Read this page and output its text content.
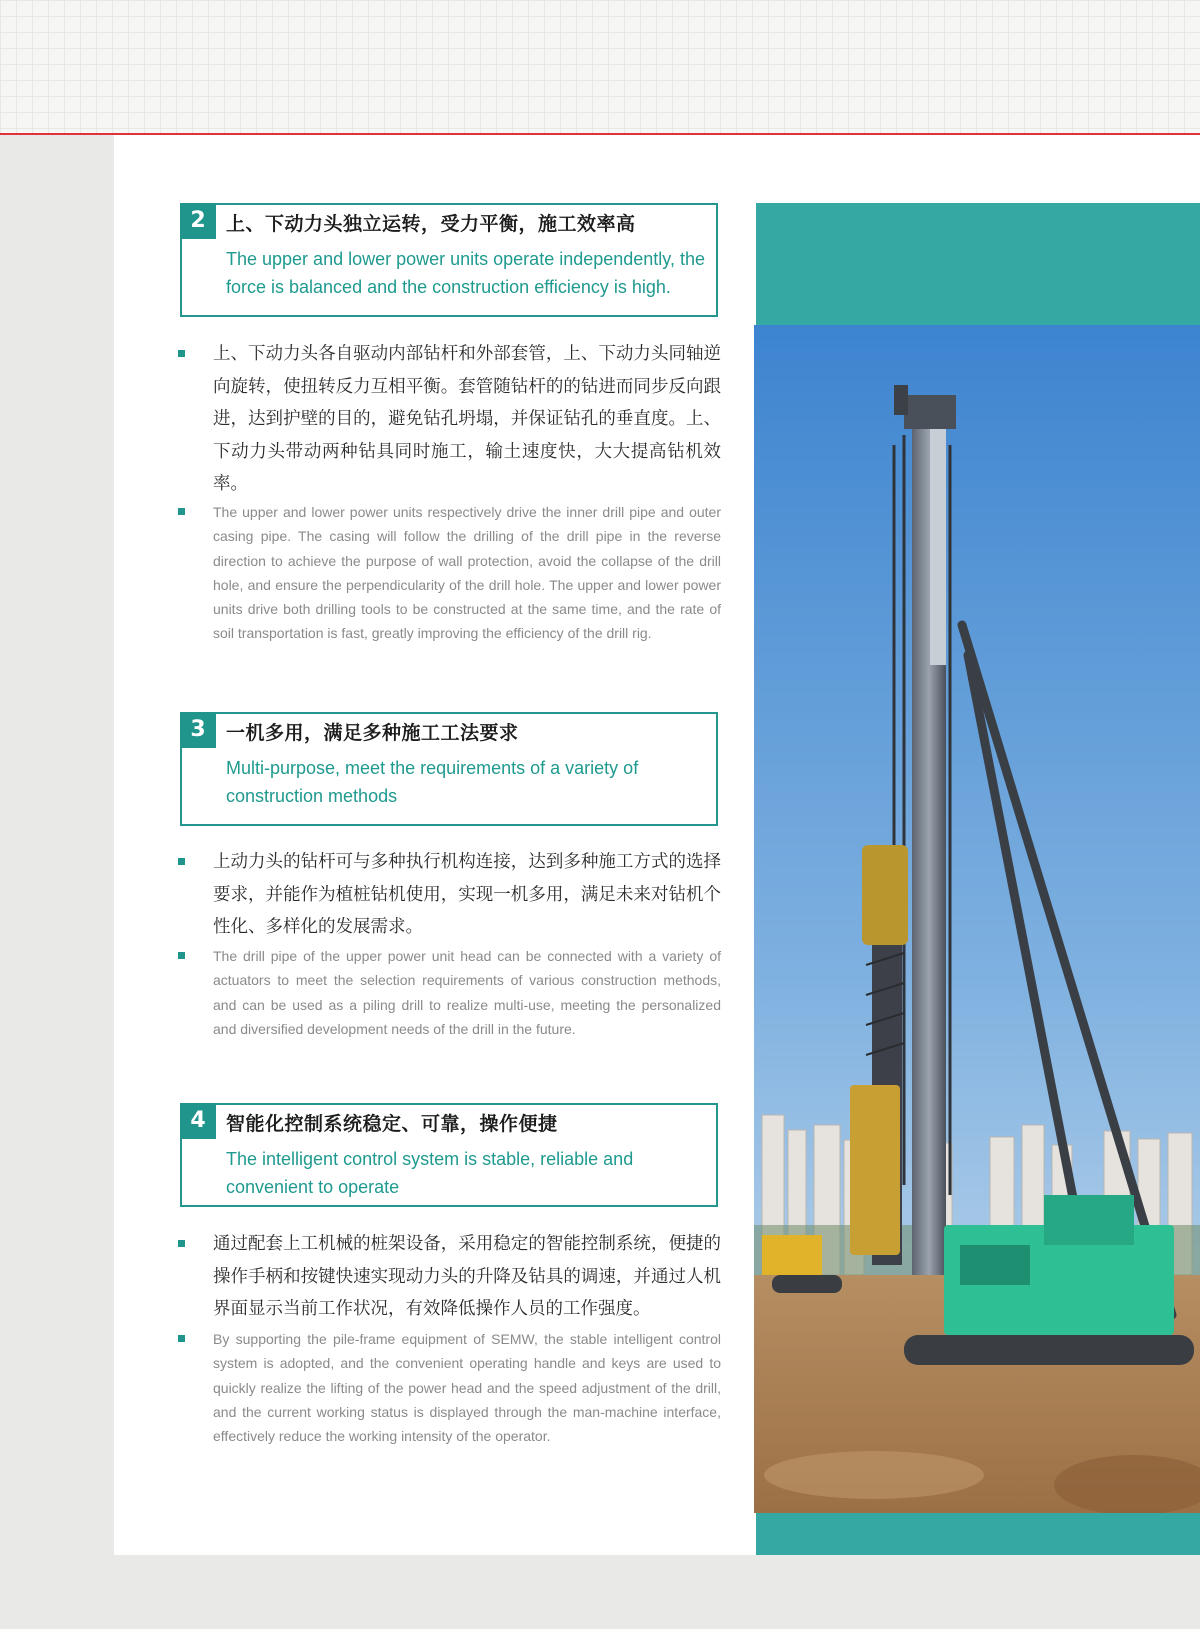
2	上、下动力头独立运转，受力平衡，施工效率高
The upper and lower power units operate independently, the force is balanced and the construction efficiency is high.
上、下动力头各自驱动内部钻杆和外部套管，上、下动力头同轴逆向旋转，使扭转反力互相平衡。套管随钻杆的的钻进而同步反向跟进，达到护壁的目的，避免钻孔坍塌，并保证钻孔的垂直度。上、下动力头带动两种钻具同时施工，输土速度快，大大提高钻机效率。
The upper and lower power units respectively drive the inner drill pipe and outer casing pipe. The casing will follow the drilling of the drill pipe in the reverse direction to achieve the purpose of wall protection, avoid the collapse of the drill hole, and ensure the perpendicularity of the drill hole. The upper and lower power units drive both drilling tools to be constructed at the same time, and the rate of soil transportation is fast, greatly improving the efficiency of the drill rig.
3	一机多用，满足多种施工工法要求
Multi-purpose, meet the requirements of a variety of construction methods
上动力头的钻杆可与多种执行机构连接，达到多种施工方式的选择要求，并能作为植桩钻机使用，实现一机多用，满足未来对钻机个性化、多样化的发展需求。
The drill pipe of the upper power unit head can be connected with a variety of actuators to meet the selection requirements of various construction methods, and can be used as a piling drill to realize multi-use, meeting the personalized and diversified development needs of the drill in the future.
4	智能化控制系统稳定、可靠，操作便捷
The intelligent control system is stable, reliable and convenient to operate
通过配套上工机械的桩架设备，采用稳定的智能控制系统，便捷的操作手柄和按键快速实现动力头的升降及钻具的调速，并通过人机界面显示当前工作状况，有效降低操作人员的工作强度。
By supporting the pile-frame equipment of SEMW, the stable intelligent control system is adopted, and the convenient operating handle and keys are used to quickly realize the lifting of the power head and the speed adjustment of the drill, and the current working status is displayed through the man-machine interface, effectively reduce the working intensity of the operator.
